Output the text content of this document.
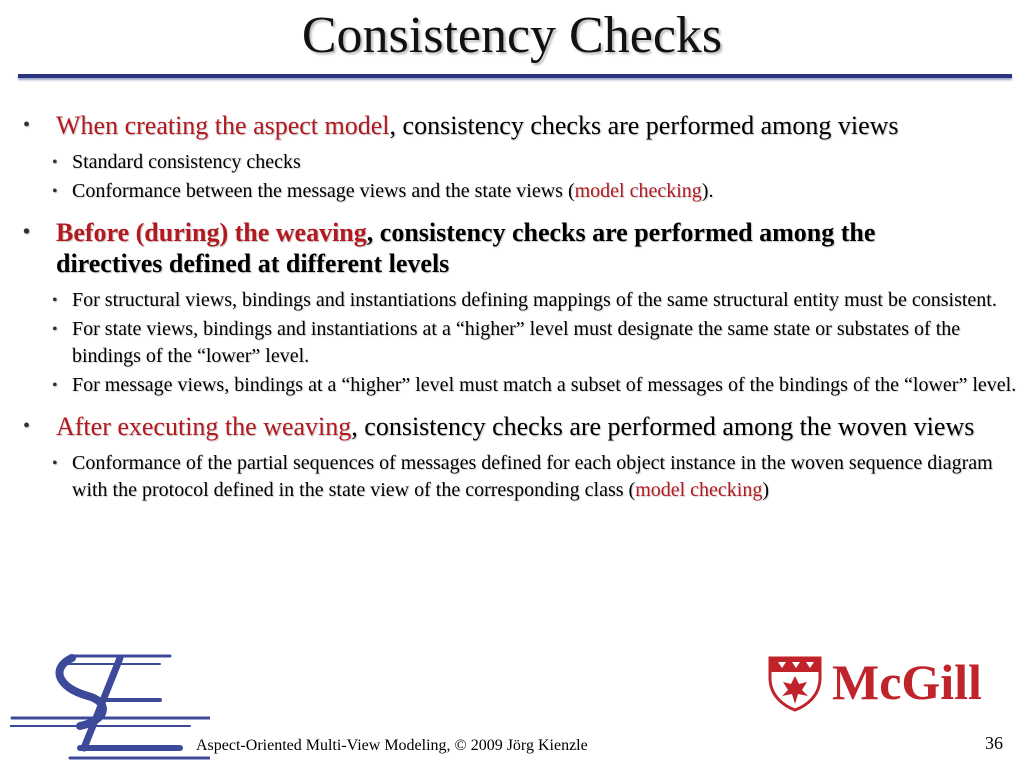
Consistency Checks
• When creating the aspect model, consistency checks are performed among views
• Standard consistency checks
• Conformance between the message views and the state views (model checking).
• Before (during) the weaving, consistency checks are performed among the directives defined at different levels
• For structural views, bindings and instantiations defining mappings of the same structural entity must be consistent.
• For state views, bindings and instantiations at a “higher” level must designate the same state or substates of the bindings of the “lower” level.
• For message views, bindings at a “higher” level must match a subset of messages of the bindings of the “lower” level.
• After executing the weaving, consistency checks are performed among the woven views
• Conformance of the partial sequences of messages defined for each object instance in the woven sequence diagram with the protocol defined in the state view of the corresponding class (model checking)
McGill
Aspect-Oriented Multi-View Modeling, © 2009 Jörg Kienzle	36
